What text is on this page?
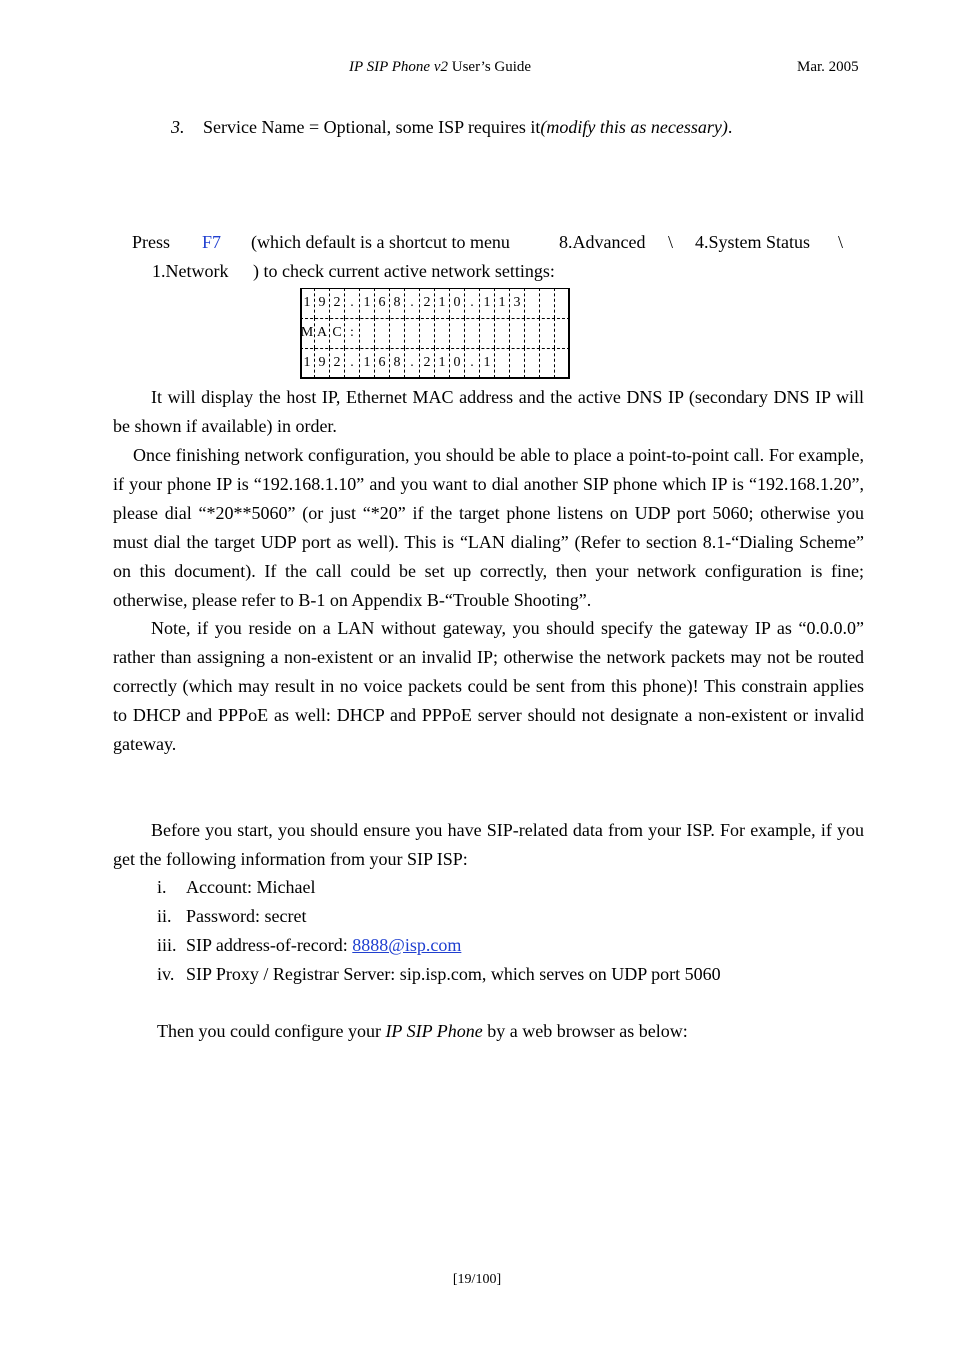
IP SIP Phone v2 User’s Guide	Mar. 2005
3. Service Name = Optional, some ISP requires it(modify this as necessary).
Press F7 (which default is a shortcut to menu	8.Advanced \ 4.System Status \
1.Network ) to check current active network settings:
1 9 2 . 1 6 8 . 2 1 0 . 1 1 3
M A C :
1 9 2 . 1 6 8 . 2 1 0 . 1
It will display the host IP, Ethernet MAC address and the active DNS IP (secondary DNS IP will be shown if available) in order.
Once finishing network configuration, you should be able to place a point-to-point call. For example, if your phone IP is “192.168.1.10” and you want to dial another SIP phone which IP is “192.168.1.20”, please dial “*20**5060” (or just “*20” if the target phone listens on UDP port 5060; otherwise you must dial the target UDP port as well). This is “LAN dialing” (Refer to section 8.1-“Dialing Scheme” on this document). If the call could be set up correctly, then your network configuration is fine; otherwise, please refer to B-1 on Appendix B-“Trouble Shooting”.
Note, if you reside on a LAN without gateway, you should specify the gateway IP as “0.0.0.0” rather than assigning a non-existent or an invalid IP; otherwise the network packets may not be routed correctly (which may result in no voice packets could be sent from this phone)! This constrain applies to DHCP and PPPoE as well: DHCP and PPPoE server should not designate a non-existent or invalid gateway.
Before you start, you should ensure you have SIP-related data from your ISP. For example, if you get the following information from your SIP ISP:
i. Account: Michael
ii. Password: secret
iii. SIP address-of-record: 8888@isp.com
iv. SIP Proxy / Registrar Server: sip.isp.com, which serves on UDP port 5060
Then you could configure your IP SIP Phone by a web browser as below:
[19/100]
